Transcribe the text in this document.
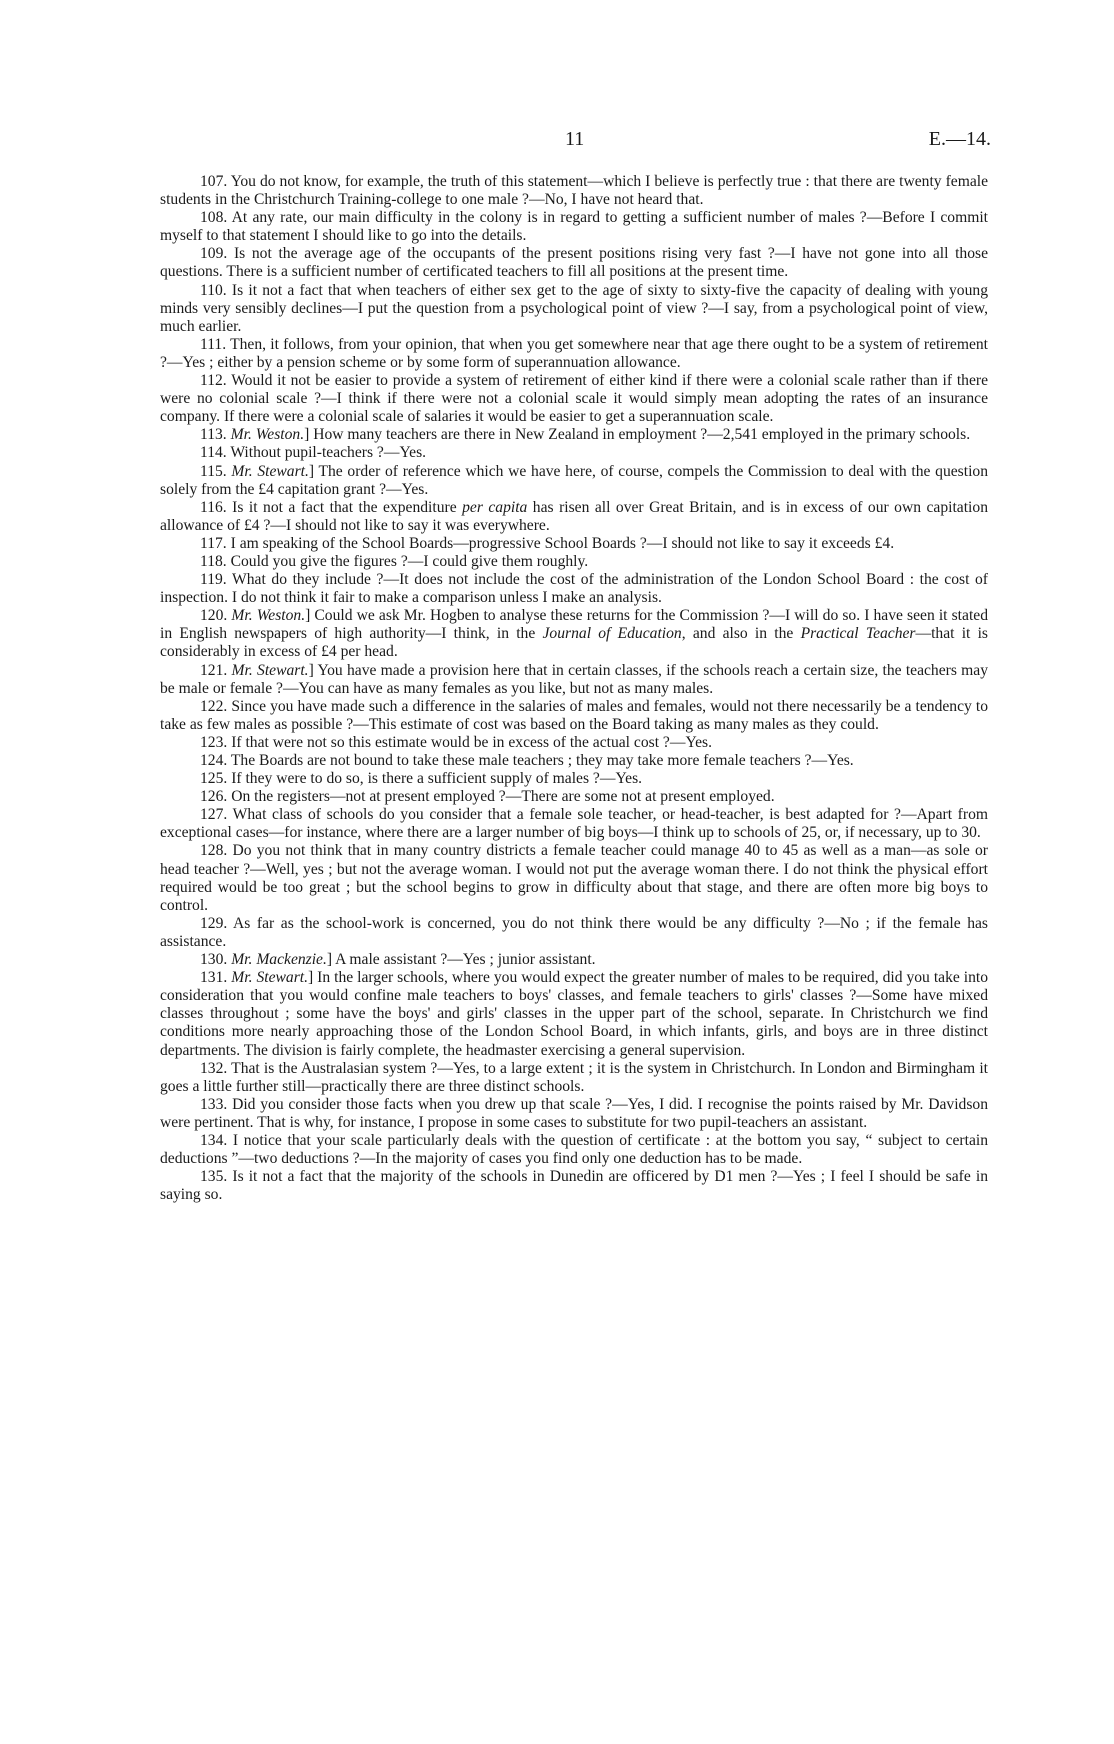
11	E.—14.

107. You do not know, for example, the truth of this statement—which I believe is perfectly true : that there are twenty female students in the Christchurch Training-college to one male ?—No, I have not heard that.

108. At any rate, our main difficulty in the colony is in regard to getting a sufficient number of males ?—Before I commit myself to that statement I should like to go into the details.

109. Is not the average age of the occupants of the present positions rising very fast ?—I have not gone into all those questions. There is a sufficient number of certificated teachers to fill all positions at the present time.

110. Is it not a fact that when teachers of either sex get to the age of sixty to sixty-five the capacity of dealing with young minds very sensibly declines—I put the question from a psychological point of view ?—I say, from a psychological point of view, much earlier.

111. Then, it follows, from your opinion, that when you get somewhere near that age there ought to be a system of retirement ?—Yes ; either by a pension scheme or by some form of superannuation allowance.

112. Would it not be easier to provide a system of retirement of either kind if there were a colonial scale rather than if there were no colonial scale ?—I think if there were not a colonial scale it would simply mean adopting the rates of an insurance company. If there were a colonial scale of salaries it would be easier to get a superannuation scale.

113. Mr. Weston.] How many teachers are there in New Zealand in employment ?—2,541 employed in the primary schools.

114. Without pupil-teachers ?—Yes.

115. Mr. Stewart.] The order of reference which we have here, of course, compels the Commission to deal with the question solely from the £4 capitation grant ?—Yes.

116. Is it not a fact that the expenditure per capita has risen all over Great Britain, and is in excess of our own capitation allowance of £4 ?—I should not like to say it was everywhere.

117. I am speaking of the School Boards—progressive School Boards ?—I should not like to say it exceeds £4.

118. Could you give the figures ?—I could give them roughly.

119. What do they include ?—It does not include the cost of the administration of the London School Board : the cost of inspection. I do not think it fair to make a comparison unless I make an analysis.

120. Mr. Weston.] Could we ask Mr. Hogben to analyse these returns for the Commission ?—I will do so. I have seen it stated in English newspapers of high authority—I think, in the Journal of Education, and also in the Practical Teacher—that it is considerably in excess of £4 per head.

121. Mr. Stewart.] You have made a provision here that in certain classes, if the schools reach a certain size, the teachers may be male or female ?—You can have as many females as you like, but not as many males.

122. Since you have made such a difference in the salaries of males and females, would not there necessarily be a tendency to take as few males as possible ?—This estimate of cost was based on the Board taking as many males as they could.

123. If that were not so this estimate would be in excess of the actual cost ?—Yes.

124. The Boards are not bound to take these male teachers ; they may take more female teachers ?—Yes.

125. If they were to do so, is there a sufficient supply of males ?—Yes.

126. On the registers—not at present employed ?—There are some not at present employed.

127. What class of schools do you consider that a female sole teacher, or head-teacher, is best adapted for ?—Apart from exceptional cases—for instance, where there are a larger number of big boys—I think up to schools of 25, or, if necessary, up to 30.

128. Do you not think that in many country districts a female teacher could manage 40 to 45 as well as a man—as sole or head teacher ?—Well, yes ; but not the average woman. I would not put the average woman there. I do not think the physical effort required would be too great ; but the school begins to grow in difficulty about that stage, and there are often more big boys to control.

129. As far as the school-work is concerned, you do not think there would be any difficulty ?—No ; if the female has assistance.

130. Mr. Mackenzie.] A male assistant ?—Yes ; junior assistant.

131. Mr. Stewart.] In the larger schools, where you would expect the greater number of males to be required, did you take into consideration that you would confine male teachers to boys' classes, and female teachers to girls' classes ?—Some have mixed classes throughout ; some have the boys' and girls' classes in the upper part of the school, separate. In Christchurch we find conditions more nearly approaching those of the London School Board, in which infants, girls, and boys are in three distinct departments. The division is fairly complete, the headmaster exercising a general supervision.

132. That is the Australasian system ?—Yes, to a large extent ; it is the system in Christchurch. In London and Birmingham it goes a little further still—practically there are three distinct schools.

133. Did you consider those facts when you drew up that scale ?—Yes, I did. I recognise the points raised by Mr. Davidson were pertinent. That is why, for instance, I propose in some cases to substitute for two pupil-teachers an assistant.

134. I notice that your scale particularly deals with the question of certificate : at the bottom you say, “ subject to certain deductions ”—two deductions ?—In the majority of cases you find only one deduction has to be made.

135. Is it not a fact that the majority of the schools in Dunedin are officered by D1 men ?—Yes ; I feel I should be safe in saying so.
